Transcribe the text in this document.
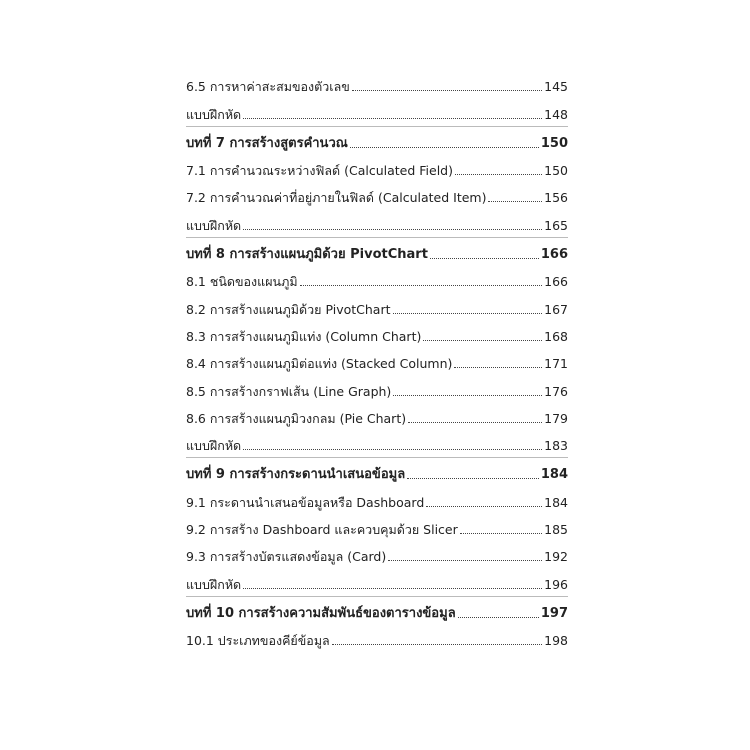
6.5 การหาค่าสะสมของตัวเลข	145
แบบฝึกหัด	148
บทที่ 7 การสร้างสูตรคำนวณ	150
7.1 การคำนวณระหว่างฟิลด์ (Calculated Field)	150
7.2 การคำนวณค่าที่อยู่ภายในฟิลด์ (Calculated Item)	156
แบบฝึกหัด	165
บทที่ 8 การสร้างแผนภูมิด้วย PivotChart	166
8.1 ชนิดของแผนภูมิ	166
8.2 การสร้างแผนภูมิด้วย PivotChart	167
8.3 การสร้างแผนภูมิแท่ง (Column Chart)	168
8.4 การสร้างแผนภูมิต่อแท่ง (Stacked Column)	171
8.5 การสร้างกราฟเส้น (Line Graph)	176
8.6 การสร้างแผนภูมิวงกลม (Pie Chart)	179
แบบฝึกหัด	183
บทที่ 9 การสร้างกระดานนำเสนอข้อมูล	184
9.1 กระดานนำเสนอข้อมูลหรือ Dashboard	184
9.2 การสร้าง Dashboard และควบคุมด้วย Slicer	185
9.3 การสร้างบัตรแสดงข้อมูล (Card)	192
แบบฝึกหัด	196
บทที่ 10 การสร้างความสัมพันธ์ของตารางข้อมูล	197
10.1 ประเภทของคีย์ข้อมูล	198
